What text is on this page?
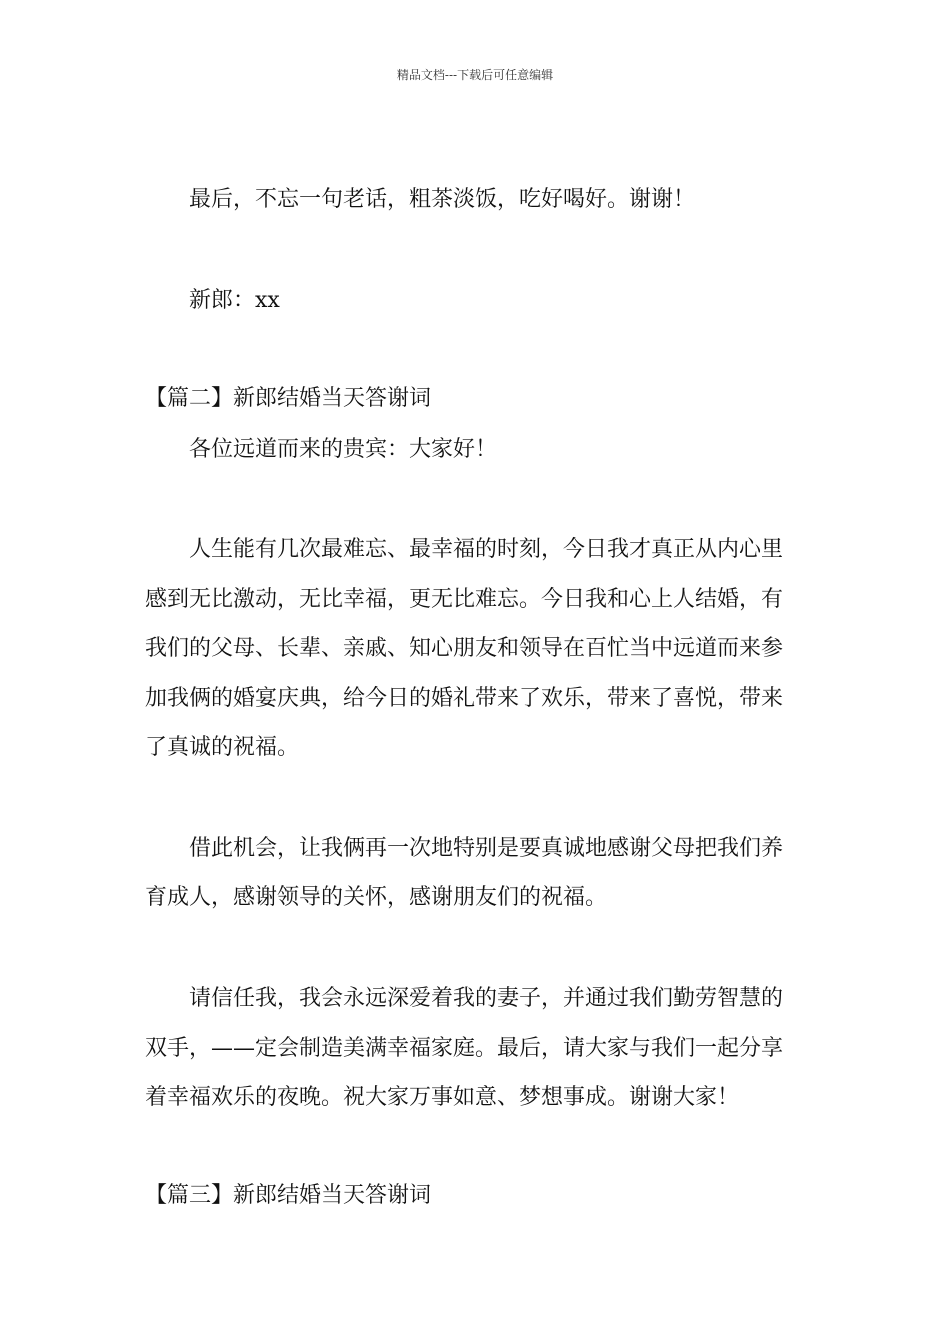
精品文档---下载后可任意编辑
最后，不忘一句老话，粗茶淡饭，吃好喝好。谢谢！
新郎：xx
【篇二】新郎结婚当天答谢词
各位远道而来的贵宾：大家好！
人生能有几次最难忘、最幸福的时刻，今日我才真正从内心里
感到无比激动，无比幸福，更无比难忘。今日我和心上人结婚，有
我们的父母、长辈、亲戚、知心朋友和领导在百忙当中远道而来参
加我俩的婚宴庆典，给今日的婚礼带来了欢乐，带来了喜悦，带来
了真诚的祝福。
借此机会，让我俩再一次地特别是要真诚地感谢父母把我们养
育成人，感谢领导的关怀，感谢朋友们的祝福。
请信任我，我会永远深爱着我的妻子，并通过我们勤劳智慧的
双手，——定会制造美满幸福家庭。最后，请大家与我们一起分享
着幸福欢乐的夜晚。祝大家万事如意、梦想事成。谢谢大家！
【篇三】新郎结婚当天答谢词
